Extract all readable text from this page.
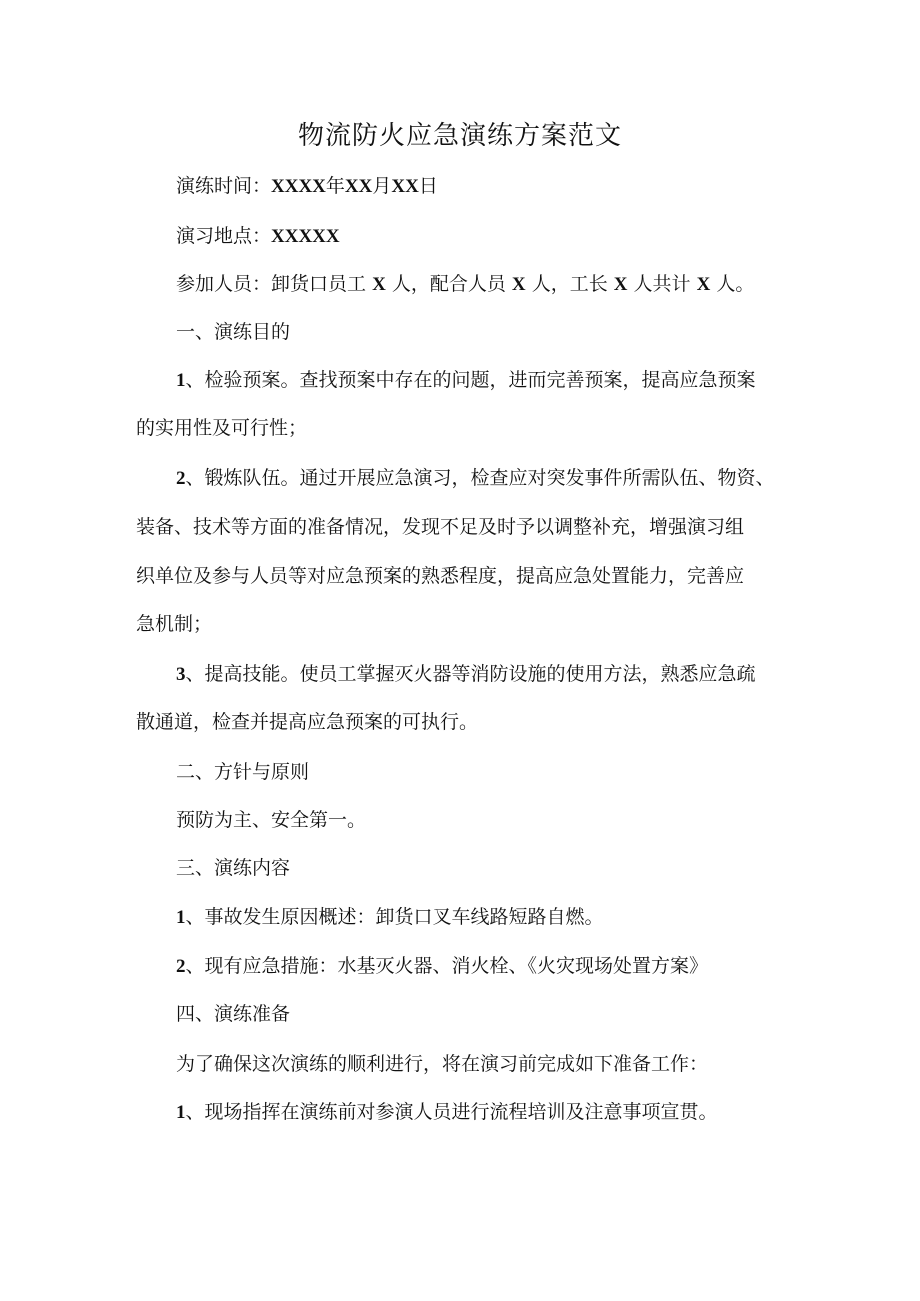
物流防火应急演练方案范文
演练时间：XXXX年XX月XX日
演习地点：XXXXX
参加人员：卸货口员工 X 人，配合人员 X 人，工长 X 人共计 X 人。
一、演练目的
1、检验预案。查找预案中存在的问题，进而完善预案，提高应急预案
的实用性及可行性；
2、锻炼队伍。通过开展应急演习，检查应对突发事件所需队伍、物资、
装备、技术等方面的准备情况，发现不足及时予以调整补充，增强演习组
织单位及参与人员等对应急预案的熟悉程度，提高应急处置能力，完善应
急机制；
3、提高技能。使员工掌握灭火器等消防设施的使用方法，熟悉应急疏
散通道，检查并提高应急预案的可执行。
二、方针与原则
预防为主、安全第一。
三、演练内容
1、事故发生原因概述：卸货口叉车线路短路自燃。
2、现有应急措施：水基灭火器、消火栓、《火灾现场处置方案》
四、演练准备
为了确保这次演练的顺利进行，将在演习前完成如下准备工作：
1、现场指挥在演练前对参演人员进行流程培训及注意事项宣贯。
